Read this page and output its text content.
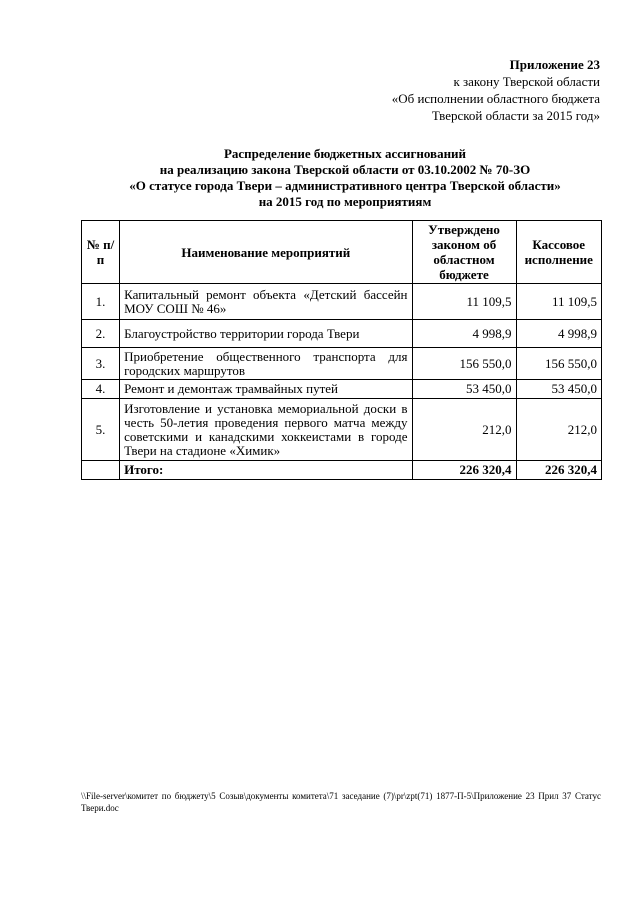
Приложение 23
к закону Тверской области
«Об исполнении областного бюджета
Тверской области за 2015 год»
Распределение бюджетных ассигнований
на реализацию закона Тверской области от 03.10.2002 № 70-ЗО
«О статусе города Твери – административного центра Тверской области»
на 2015 год по мероприятиям
№ п/п	Наименование мероприятий	Утверждено законом об областном бюджете	Кассовое исполнение
1.	Капитальный ремонт объекта «Детский бассейн МОУ СОШ № 46»	11 109,5	11 109,5
2.	Благоустройство территории города Твери	4 998,9	4 998,9
3.	Приобретение общественного транспорта для городских маршрутов	156 550,0	156 550,0
4.	Ремонт и демонтаж трамвайных путей	53 450,0	53 450,0
5.	Изготовление и установка мемориальной доски в честь 50-летия проведения первого матча между советскими и канадскими хоккеистами в городе Твери на стадионе «Химик»	212,0	212,0
	Итого:	226 320,4	226 320,4
\\File-server\комитет по бюджету\5 Созыв\документы комитета\71 заседание (7)\pr\zpt(71) 1877-П-5\Приложение 23 Прил 37 Статус Твери.doc
